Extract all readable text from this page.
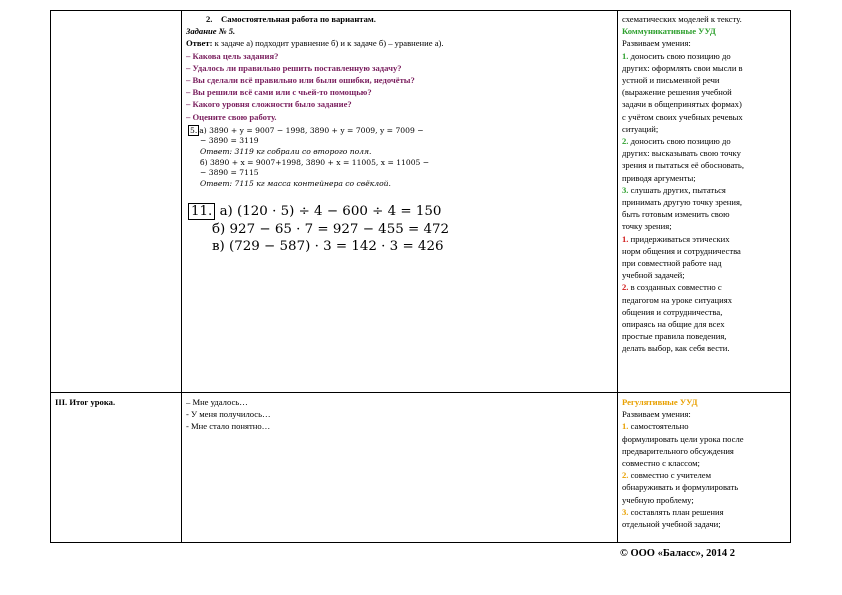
2. Самостоятельная работа по вариантам.

Задание № 5.

Ответ: к задаче а) подходит уравнение б) и к задаче б) – уравнение а).

– Какова цель задания?

– Удалось ли правильно решить поставленную задачу?

– Вы сделали всё правильно или были ошибки, недочёты?

– Вы решили всё сами или с чьей-то помощью?

– Какого уровня сложности было задание?

– Оцените свою работу.

5. а) 3890 + y = 9007 − 1998, 3890 + y = 7009, y = 7009 −

− 3890 = 3119

Ответ: 3119 кг собрали со второго поля.

б) 3890 + x = 9007+1998, 3890 + x = 11005, x = 11005 −

− 3890 = 7115

Ответ: 7115 кг масса контейнера со свёклой.

11. а) (120 · 5) ÷ 4 − 600 ÷ 4 = 150

б) 927 − 65 · 7 = 927 − 455 = 472

в) (729 − 587) · 3 = 142 · 3 = 426

схематических моделей к тексту.

Коммуникативные УУД

Развиваем умения:

1. доносить свою позицию до

других: оформлять свои мысли в

устной и письменной речи

(выражение решения учебной

задачи в общепринятых формах)

с учётом своих учебных речевых

ситуаций;

2. доносить свою позицию до

других: высказывать свою точку

зрения и пытаться её обосновать,

приводя аргументы;

3. слушать других, пытаться

принимать другую точку зрения,

быть готовым изменить свою

точку зрения;

1. придерживаться этических

норм общения и сотрудничества

при совместной работе над

учебной задачей;

2. в созданных совместно с

педагогом на уроке ситуациях

общения и сотрудничества,

опираясь на общие для всех

простые правила поведения,

делать выбор, как себя вести.

III. Итог урока.	– Мне удалось…

- У меня получилось…

- Мне стало понятно…

Регулятивные УУД

Развиваем умения:

1. самостоятельно

формулировать цели урока после

предварительного обсуждения

совместно с классом;

2. совместно с учителем

обнаруживать и формулировать

учебную проблему;

3. составлять план решения

отдельной учебной задачи;

© ООО «Баласс», 2014 2
